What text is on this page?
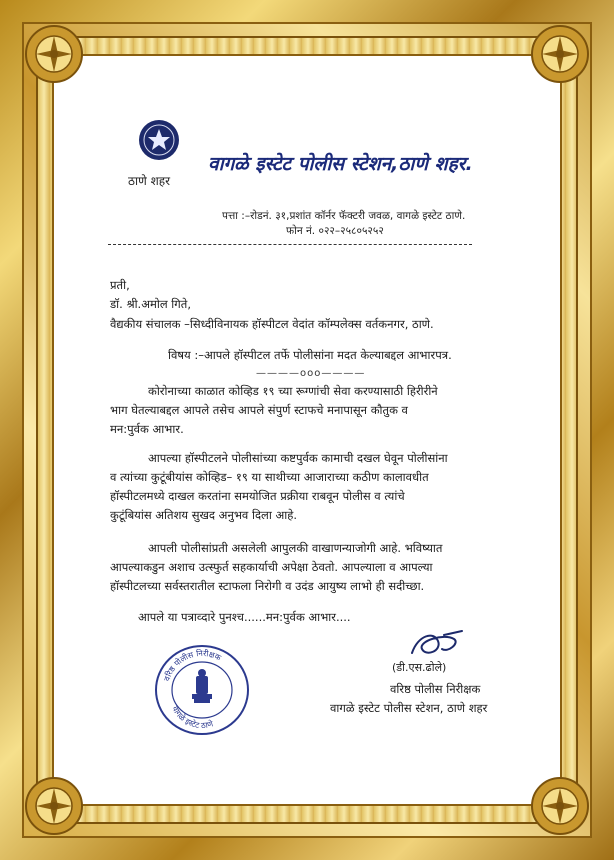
ठाणे शहर
वागळे इस्टेट पोलीस स्टेशन,ठाणे शहर.
पत्ता :–रोडनं. ३१,प्रशांत कॉर्नर फॅक्टरी जवळ, वागळे इस्टेट ठाणे.
फोन नं. ०२२–२५८०५२५२
प्रती,
डॉ. श्री.अमोल गिते,
वैद्यकीय संचालक –सिध्दीविनायक हॉस्पीटल वेदांत कॉम्पलेक्स वर्तकनगर, ठाणे.
विषय :–आपले हॉस्पीटल तर्फे पोलीसांना मदत केल्याबद्दल आभारपत्र.
————ooo————
कोरोनाच्या काळात कोव्हिड १९ च्या रूग्णांची सेवा करण्यासाठी हिरीरीने
भाग घेतल्याबद्दल आपले तसेच आपले संपुर्ण स्टाफचे मनापासून कौतुक व
मन:पुर्वक आभार.
आपल्या हॉस्पीटलने पोलीसांच्या कष्टपुर्वक कामाची दखल घेवून पोलीसांना
व त्यांच्या कुटूंबीयांस कोव्हिड– १९ या साथीच्या आजाराच्या कठीण कालावधीत
हॉस्पीटलमध्ये दाखल करतांना समयोजित प्रक्रीया राबवून पोलीस व त्यांचे
कुटूंबियांस अतिशय सुखद अनुभव दिला आहे.
आपली पोलीसांप्रती असलेली आपुलकी वाखाणन्याजोगी आहे. भविष्यात
आपल्याकडुन अशाच उत्स्फुर्त सहकार्याची अपेक्षा ठेवतो. आपल्याला व आपल्या
हॉस्पीटलच्या सर्वस्तरातील स्टाफला निरोगी व उदंड आयुष्य लाभो ही सदीच्छा.
आपले या पत्राव्दारे पुनश्च......मन:पुर्वक आभार....
वरिष्ठ पोलीस निरीक्षक
वागळे इस्टेट ठाणे
(डी.एस.ढोले)
वरिष्ठ पोलीस निरीक्षक
वागळे इस्टेट पोलीस स्टेशन, ठाणे शहर
